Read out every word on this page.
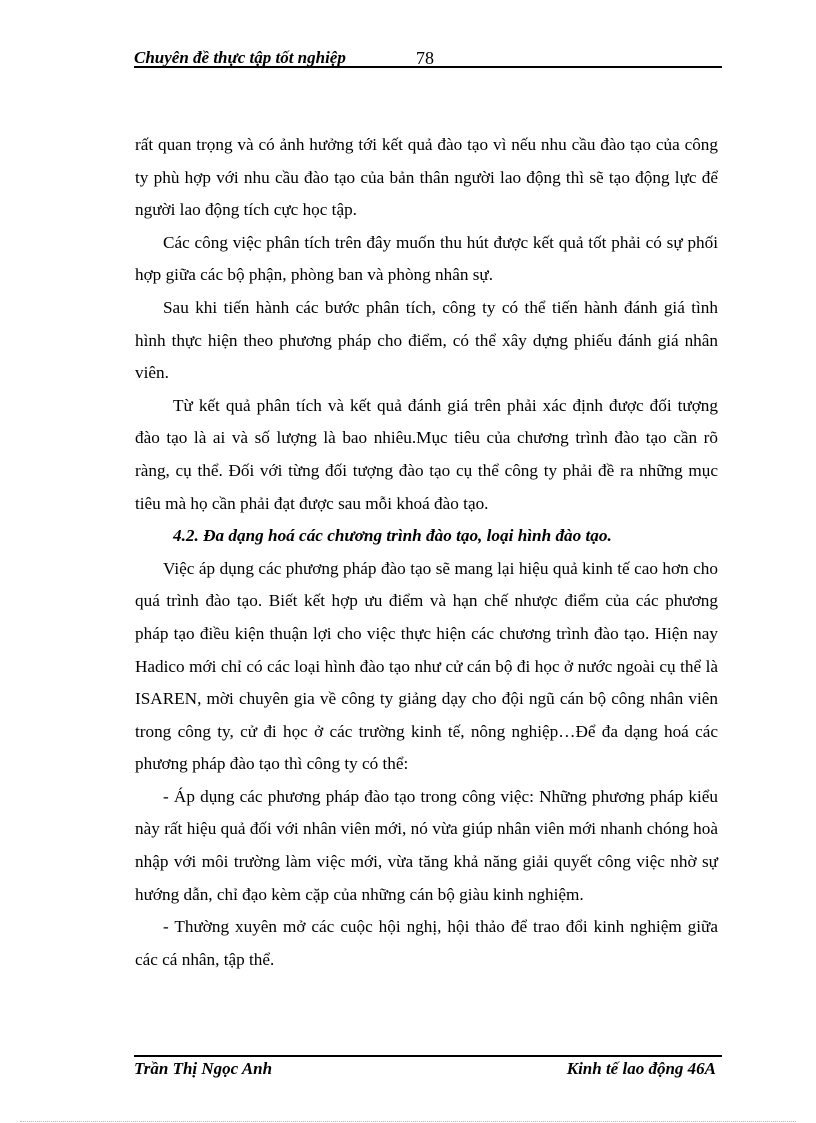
Chuyên đề thực tập tốt nghiệp	78

rất quan trọng và có ảnh hưởng tới kết quả đào tạo vì nếu nhu cầu đào tạo của công ty phù hợp với nhu cầu đào tạo của bản thân người lao động thì sẽ tạo động lực để người lao động tích cực học tập.

Các công việc phân tích trên đây muốn thu hút được kết quả tốt phải có sự phối hợp giữa các bộ phận, phòng ban và phòng nhân sự.

Sau khi tiến hành các bước phân tích, công ty có thể tiến hành đánh giá tình hình thực hiện theo phương pháp cho điểm, có thể xây dựng phiếu đánh giá nhân viên.

Từ kết quả phân tích và kết quả đánh giá trên phải xác định được đối tượng đào tạo là ai và số lượng là bao nhiêu.Mục tiêu của chương trình đào tạo cần rõ ràng, cụ thể. Đối với từng đối tượng đào tạo cụ thể công ty phải đề ra những mục tiêu mà họ cần phải đạt được sau mỗi khoá đào tạo.

4.2. Đa dạng hoá các chương trình đào tạo, loại hình đào tạo.

Việc áp dụng các phương pháp đào tạo sẽ mang lại hiệu quả kinh tế cao hơn cho quá trình đào tạo. Biết kết hợp ưu điểm và hạn chế nhược điểm của các phương pháp tạo điều kiện thuận lợi cho việc thực hiện các chương trình đào tạo. Hiện nay Hadico mới chỉ có các loại hình đào tạo như cử cán bộ đi học ở nước ngoài cụ thể là ISAREN, mời chuyên gia về công ty giảng dạy cho đội ngũ cán bộ công nhân viên trong công ty, cử đi học ở các trường kinh tế, nông nghiệp…Để đa dạng hoá các phương pháp đào tạo thì công ty có thể:

- Áp dụng các phương pháp đào tạo trong công việc: Những phương pháp kiểu này rất hiệu quả đối với nhân viên mới, nó vừa giúp nhân viên mới nhanh chóng hoà nhập với môi trường làm việc mới, vừa tăng khả năng giải quyết công việc nhờ sự hướng dẫn, chỉ đạo kèm cặp của những cán bộ giàu kinh nghiệm.

- Thường xuyên mở các cuộc hội nghị, hội thảo để trao đổi kinh nghiệm giữa các cá nhân, tập thể.

Trần Thị Ngọc Anh	Kinh tế lao động 46A
